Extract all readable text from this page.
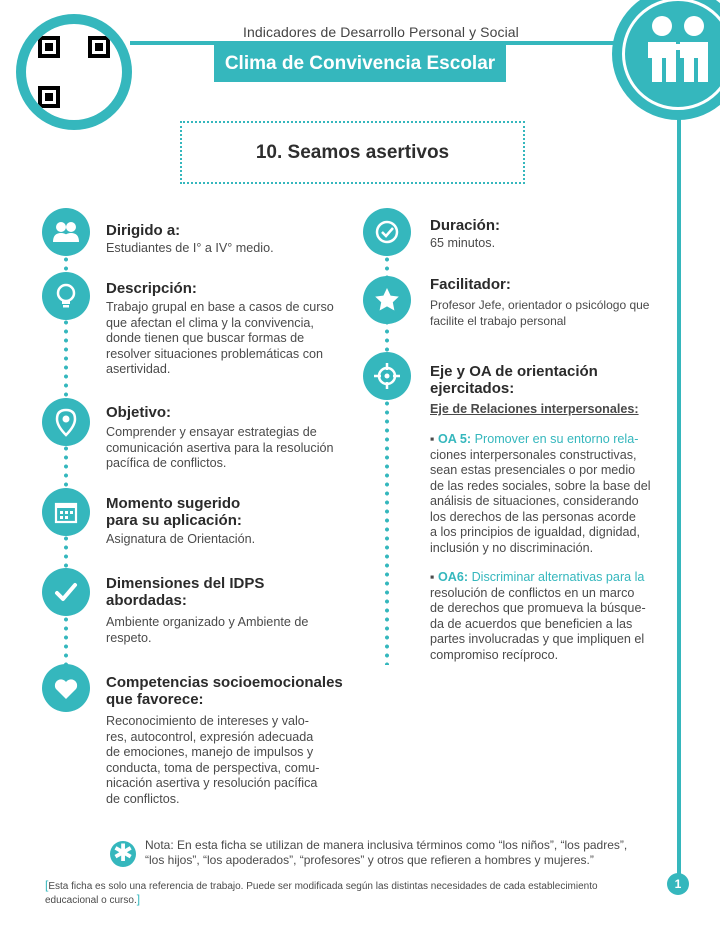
Indicadores de Desarrollo Personal y Social
Clima de Convivencia Escolar
10. Seamos asertivos
Dirigido a:
Estudiantes de I° a IV° medio.
Descripción:
Trabajo grupal en base a casos de curso
que afectan el clima y la convivencia,
donde tienen que buscar formas de
resolver situaciones problemáticas con
asertividad.
Objetivo:
Comprender y ensayar estrategias de
comunicación asertiva para la resolución
pacífica de conflictos.
Momento sugerido
para su aplicación:
Asignatura de Orientación.
Dimensiones del IDPS
abordadas:
Ambiente organizado y Ambiente de
respeto.
Competencias socioemocionales
que favorece:
Reconocimiento de intereses y valo-
res, autocontrol, expresión adecuada
de emociones, manejo de impulsos y
conducta, toma de perspectiva, comu-
nicación asertiva y resolución pacífica
de conflictos.
Duración:
65 minutos.
Facilitador:
Profesor Jefe, orientador o psicólogo que
facilite el trabajo personal
Eje y OA de orientación
ejercitados:
Eje de Relaciones interpersonales:
▪ OA 5: Promover en su entorno rela-
ciones interpersonales constructivas,
sean estas presenciales o por medio
de las redes sociales, sobre la base del
análisis de situaciones, considerando
los derechos de las personas acorde
a los principios de igualdad, dignidad,
inclusión y no discriminación.
▪ OA6: Discriminar alternativas para la
resolución de conflictos en un marco
de derechos que promueva la búsque-
da de acuerdos que beneficien a las
partes involucradas y que impliquen el
compromiso recíproco.
✱ Nota: En esta ficha se utilizan de manera inclusiva términos como “los niños”, “los padres”,
“los hijos”, “los apoderados”, “profesores” y otros que refieren a hombres y mujeres.”
[Esta ficha es solo una referencia de trabajo. Puede ser modificada según las distintas necesidades de cada establecimiento educacional o curso.]
1
